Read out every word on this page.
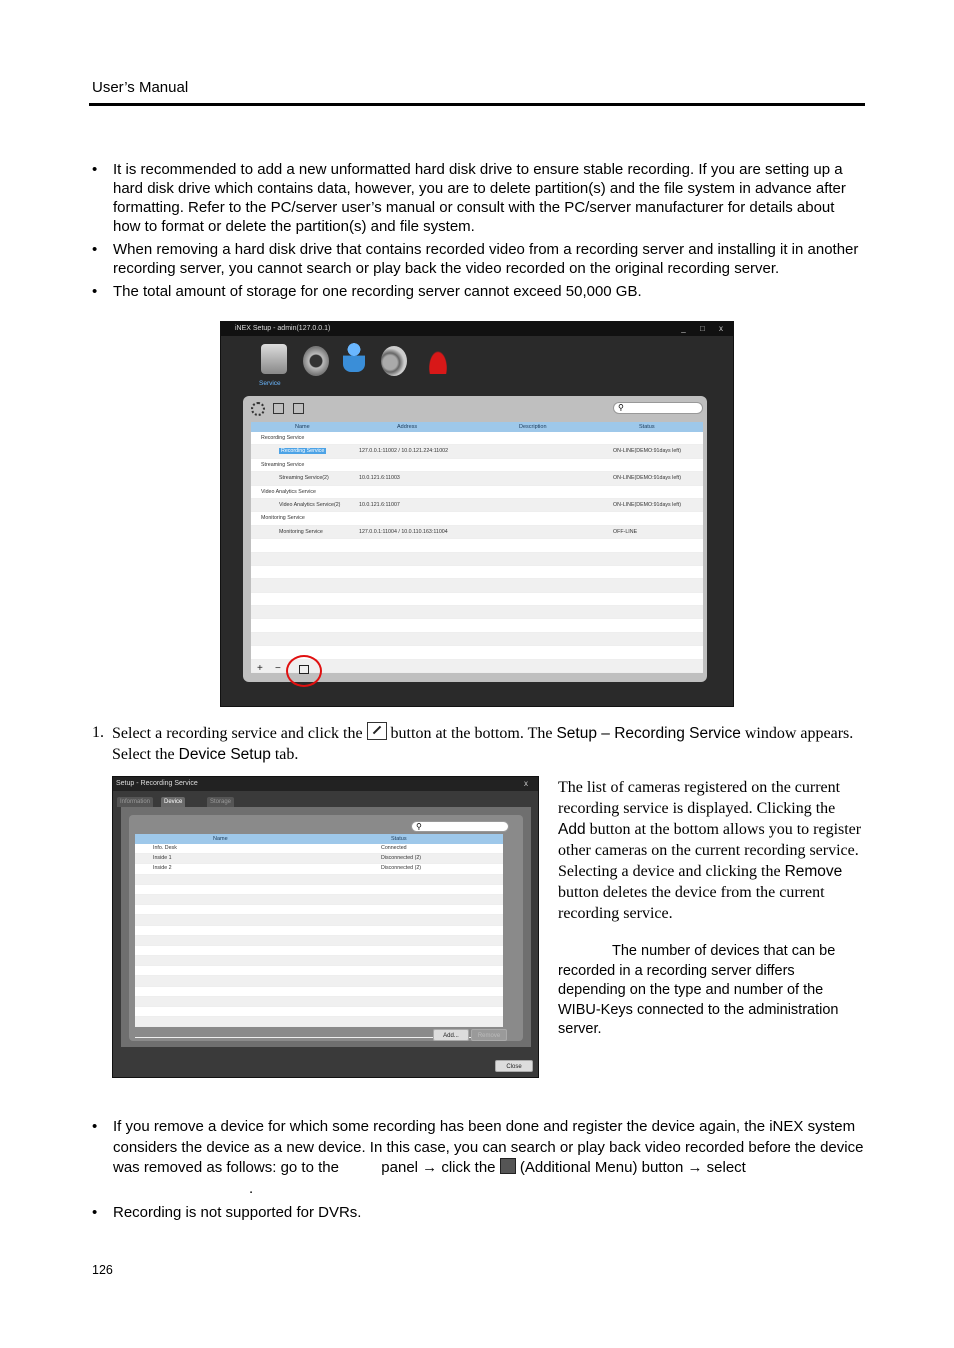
User’s Manual
• It is recommended to add a new unformatted hard disk drive to ensure stable recording. If you are setting up a hard disk drive which contains data, however, you are to delete partition(s) and the file system in advance after formatting. Refer to the PC/server user’s manual or consult with the PC/server manufacturer for details about how to format or delete the partition(s) and file system.
• When removing a hard disk drive that contains recorded video from a recording server and installing it in another recording server, you cannot search or play back the video recorded on the original recording server.
• The total amount of storage for one recording server cannot exceed 50,000 GB.
iNEX Setup - admin(127.0.0.1)	_ □ x
Service
⚲
Name	Address	Description	Status
Recording Service
Recording Service	127.0.0.1:11002 / 10.0.121.224:11002	ON-LINE(DEMO:91days left)
Streaming Service
Streaming Service(2)	10.0.121.6:11003	ON-LINE(DEMO:91days left)
Video Analytics Service
Video Analytics Service(2)	10.0.121.6:11007	ON-LINE(DEMO:91days left)
Monitoring Service
Monitoring Service	127.0.0.1:11004 / 10.0.110.163:11004	OFF-LINE
+ −
1. Select a recording service and click the button at the bottom. The Setup – Recording Service window appears. Select the Device Setup tab.
Setup - Recording Service	x
Information	Device	Storage
⚲
Name	Status
Info. Desk	Connected
Inside 1	Disconnected (2)
Inside 2	Disconnected (2)
Add...	Remove
Close
The list of cameras registered on the current recording service is displayed. Clicking the Add button at the bottom allows you to register other cameras on the current recording service. Selecting a device and clicking the Remove button deletes the device from the current recording service.
The number of devices that can be recorded in a recording server differs depending on the type and number of the WIBU-Keys connected to the administration server.
• If you remove a device for which some recording has been done and register the device again, the iNEX system considers the device as a new device. In this case, you can search or play back video recorded before the device was removed as follows: go to the	panel → click the (Additional Menu) button → select .
• Recording is not supported for DVRs.
126
